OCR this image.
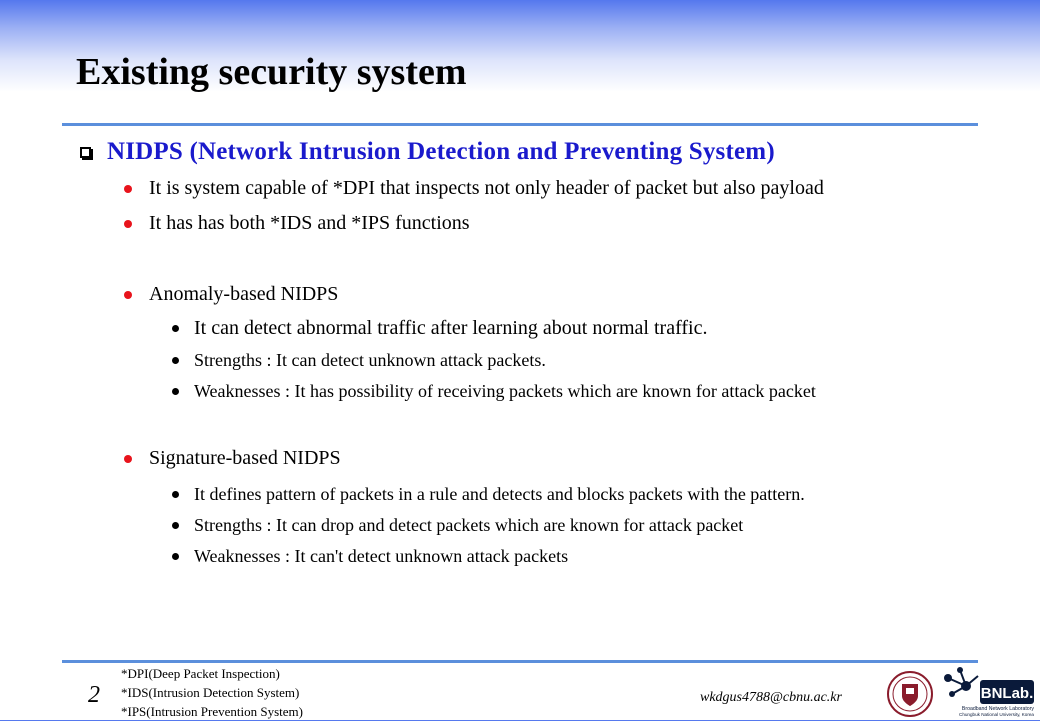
Existing security system
NIDPS (Network Intrusion Detection and Preventing System)
It is system capable of *DPI that inspects not only header of packet but also payload
It has has both *IDS and *IPS functions
Anomaly-based NIDPS
It can detect abnormal traffic after learning about normal traffic.
Strengths : It can detect unknown attack packets.
Weaknesses : It has possibility of receiving packets which are known for attack packet
Signature-based NIDPS
It defines pattern of packets in a rule and detects and blocks packets with the pattern.
Strengths : It can drop and detect packets which are known for attack packet
Weaknesses : It can't detect unknown attack packets
2
*DPI(Deep Packet Inspection)
*IDS(Intrusion Detection System)
*IPS(Intrusion Prevention System)
wkdgus4788@cbnu.ac.kr	BNLab.
Broadband Network Laboratory
Chungbuk National University, Korea
